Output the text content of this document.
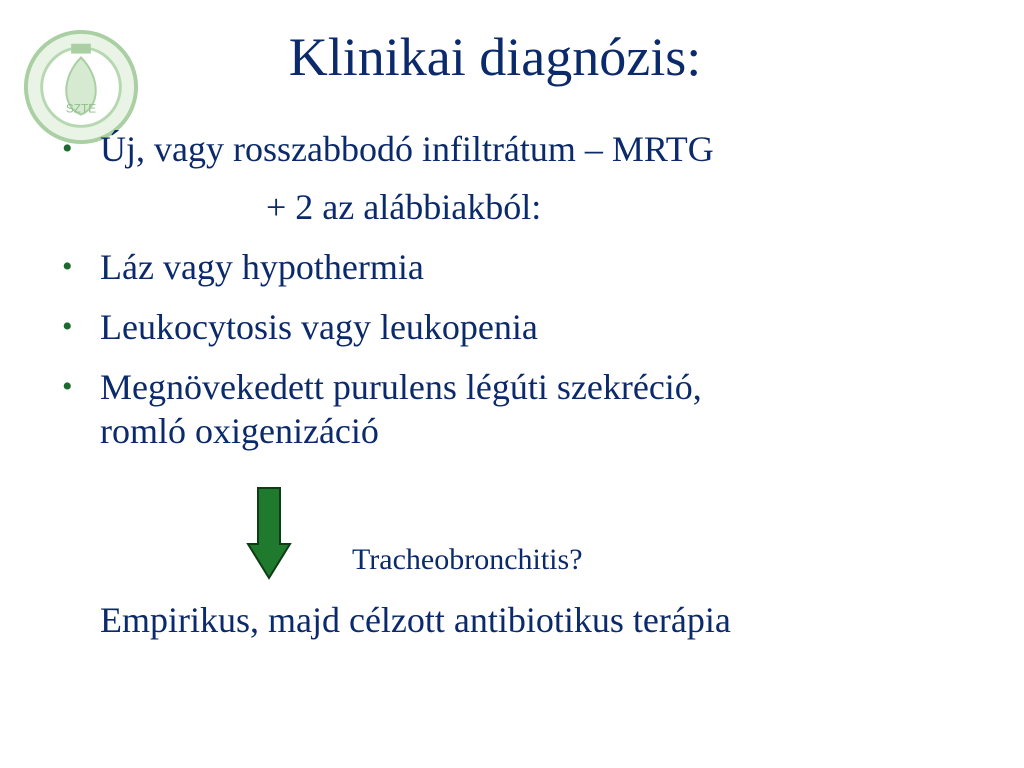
SZTE
Klinikai diagnózis:
• Új, vagy rosszabbodó infiltrátum – MRTG
+ 2 az alábbiakból:
• Láz vagy hypothermia
• Leukocytosis vagy leukopenia
• Megnövekedett purulens légúti szekréció,
romló oxigenizáció
Tracheobronchitis?
Empirikus, majd célzott antibiotikus terápia
